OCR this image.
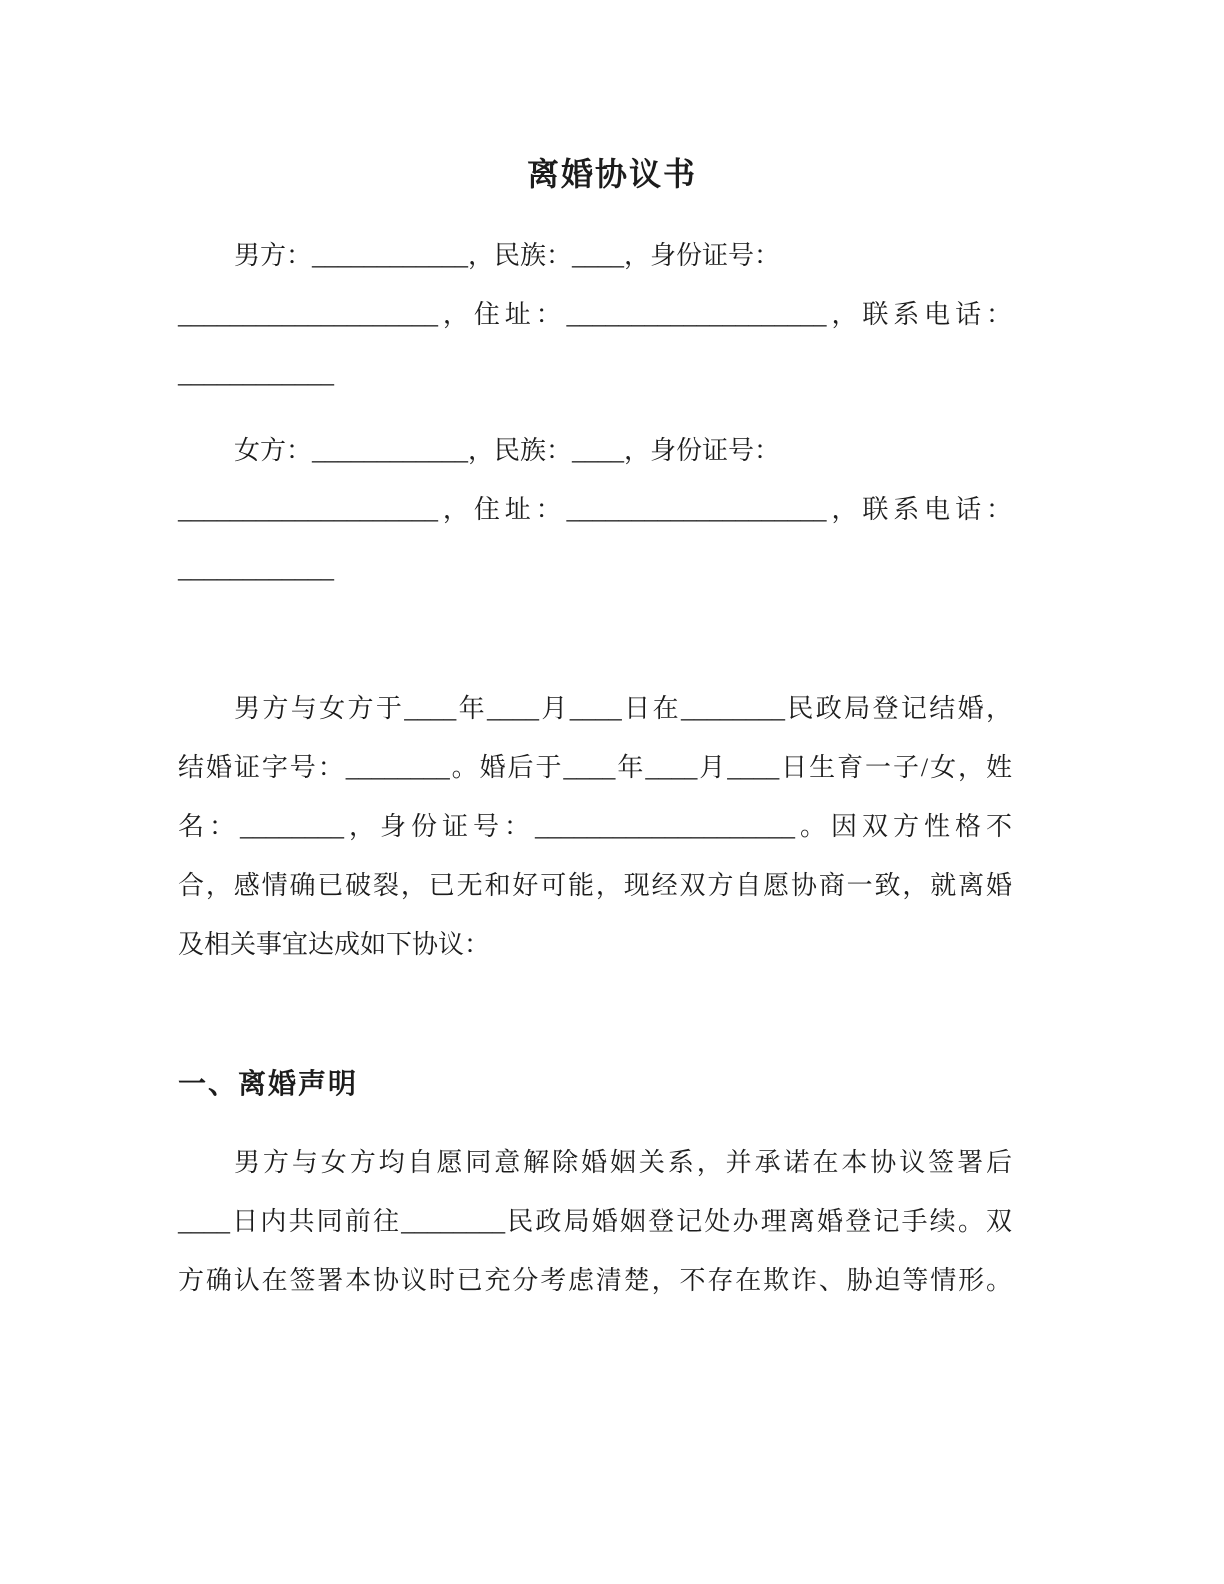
离婚协议书
男方：____________，民族：____，身份证号：
____________________，住址：____________________，联系电话：
____________
女方：____________，民族：____，身份证号：
____________________，住址：____________________，联系电话：
____________
男方与女方于____年____月____日在________民政局登记结婚，
结婚证字号：________。婚后于____年____月____日生育一子/女，姓
名：________，身份证号：____________________。因双方性格不
合，感情确已破裂，已无和好可能，现经双方自愿协商一致，就离婚
及相关事宜达成如下协议：
一、离婚声明
男方与女方均自愿同意解除婚姻关系，并承诺在本协议签署后
____日内共同前往________民政局婚姻登记处办理离婚登记手续。双
方确认在签署本协议时已充分考虑清楚，不存在欺诈、胁迫等情形。
